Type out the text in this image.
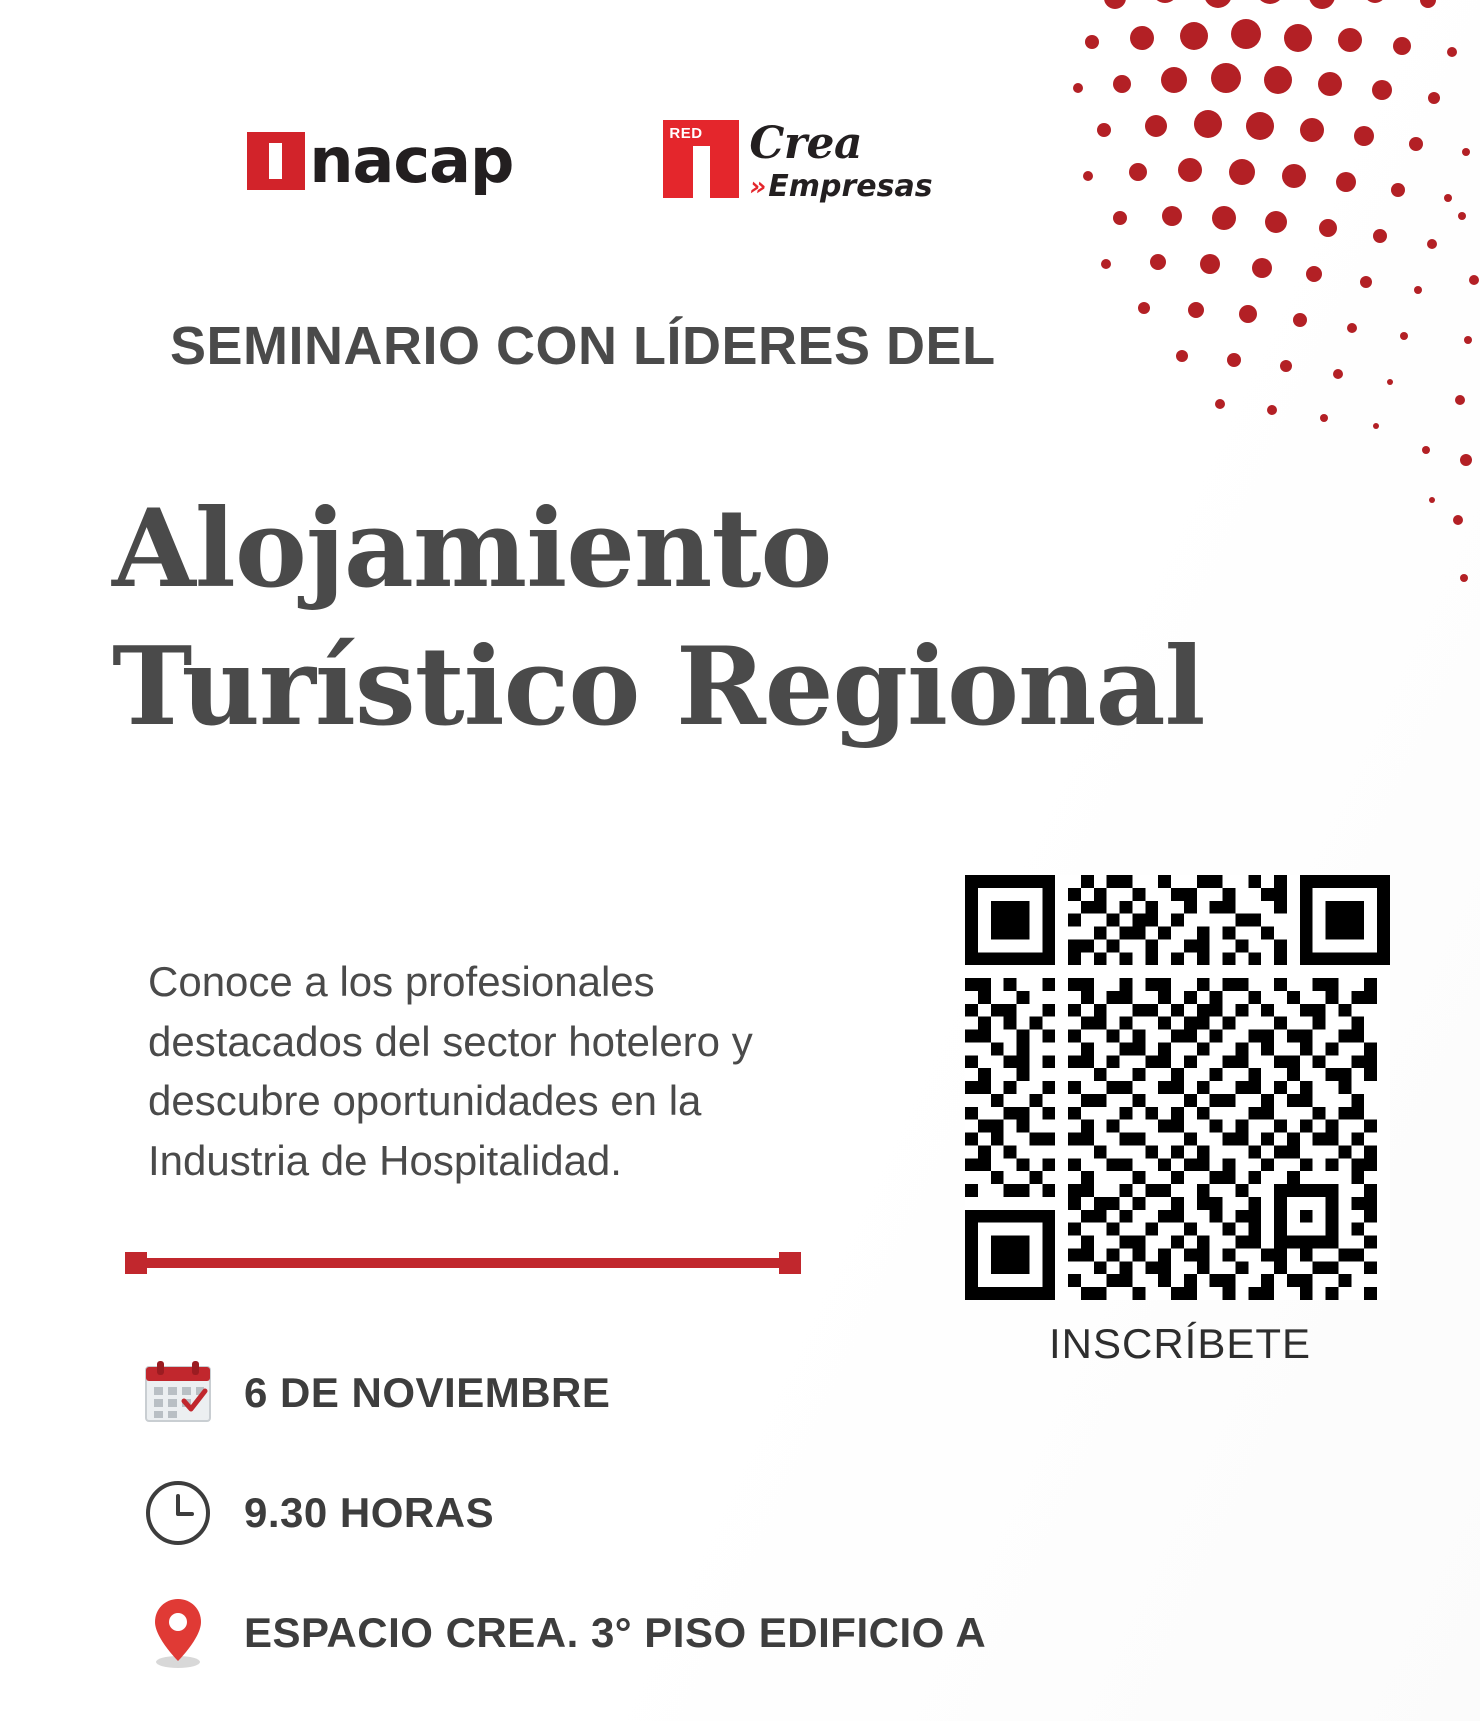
nacap	RED Crea
» Empresas
SEMINARIO CON LÍDERES DEL
Alojamiento
Turístico Regional

Conoce a los profesionales destacados del sector hotelero y descubre oportunidades en la Industria de Hospitalidad.

6 DE NOVIEMBRE
9.30 HORAS
ESPACIO CREA. 3° PISO EDIFICIO A
INSCRÍBETE
